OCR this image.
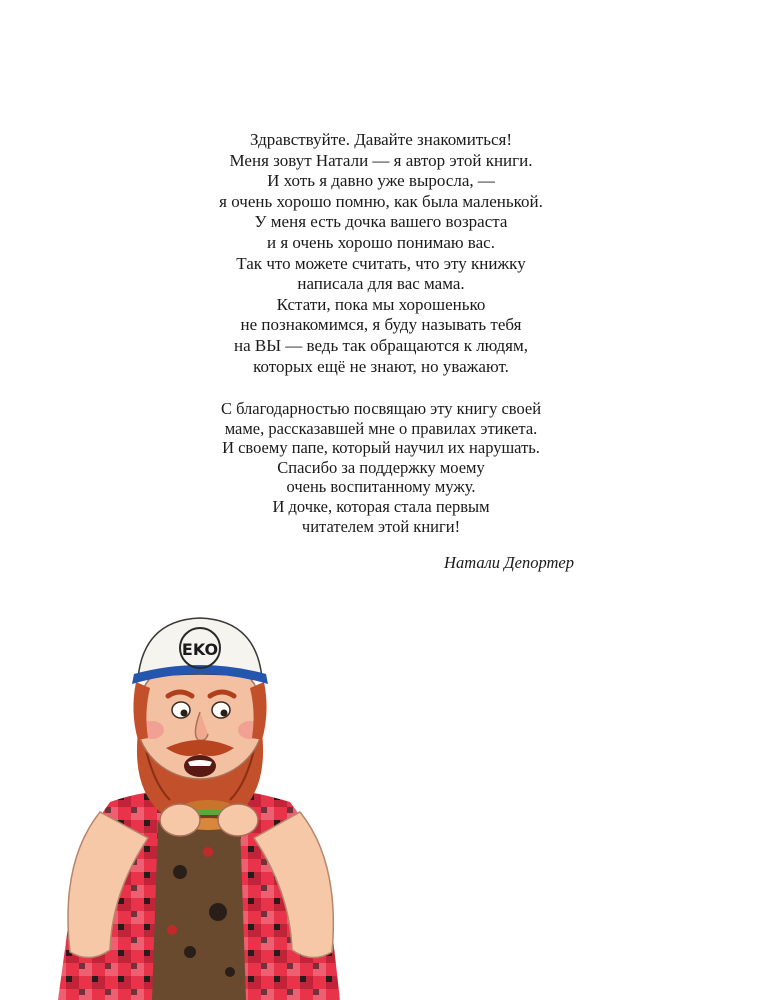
Здравствуйте. Давайте знакомиться!
Меня зовут Натали — я автор этой книги.
И хоть я давно уже выросла, —
я очень хорошо помню, как была маленькой.
У меня есть дочка вашего возраста
и я очень хорошо понимаю вас.
Так что можете считать, что эту книжку
написала для вас мама.
Кстати, пока мы хорошенько
не познакомимся, я буду называть тебя
на ВЫ — ведь так обращаются к людям,
которых ещё не знают, но уважают.
С благодарностью посвящаю эту книгу своей
маме, рассказавшей мне о правилах этикета.
И своему папе, который научил их нарушать.
Спасибо за поддержку моему
очень воспитанному мужу.
И дочке, которая стала первым
читателем этой книги!
Натали Депортер
EKO
